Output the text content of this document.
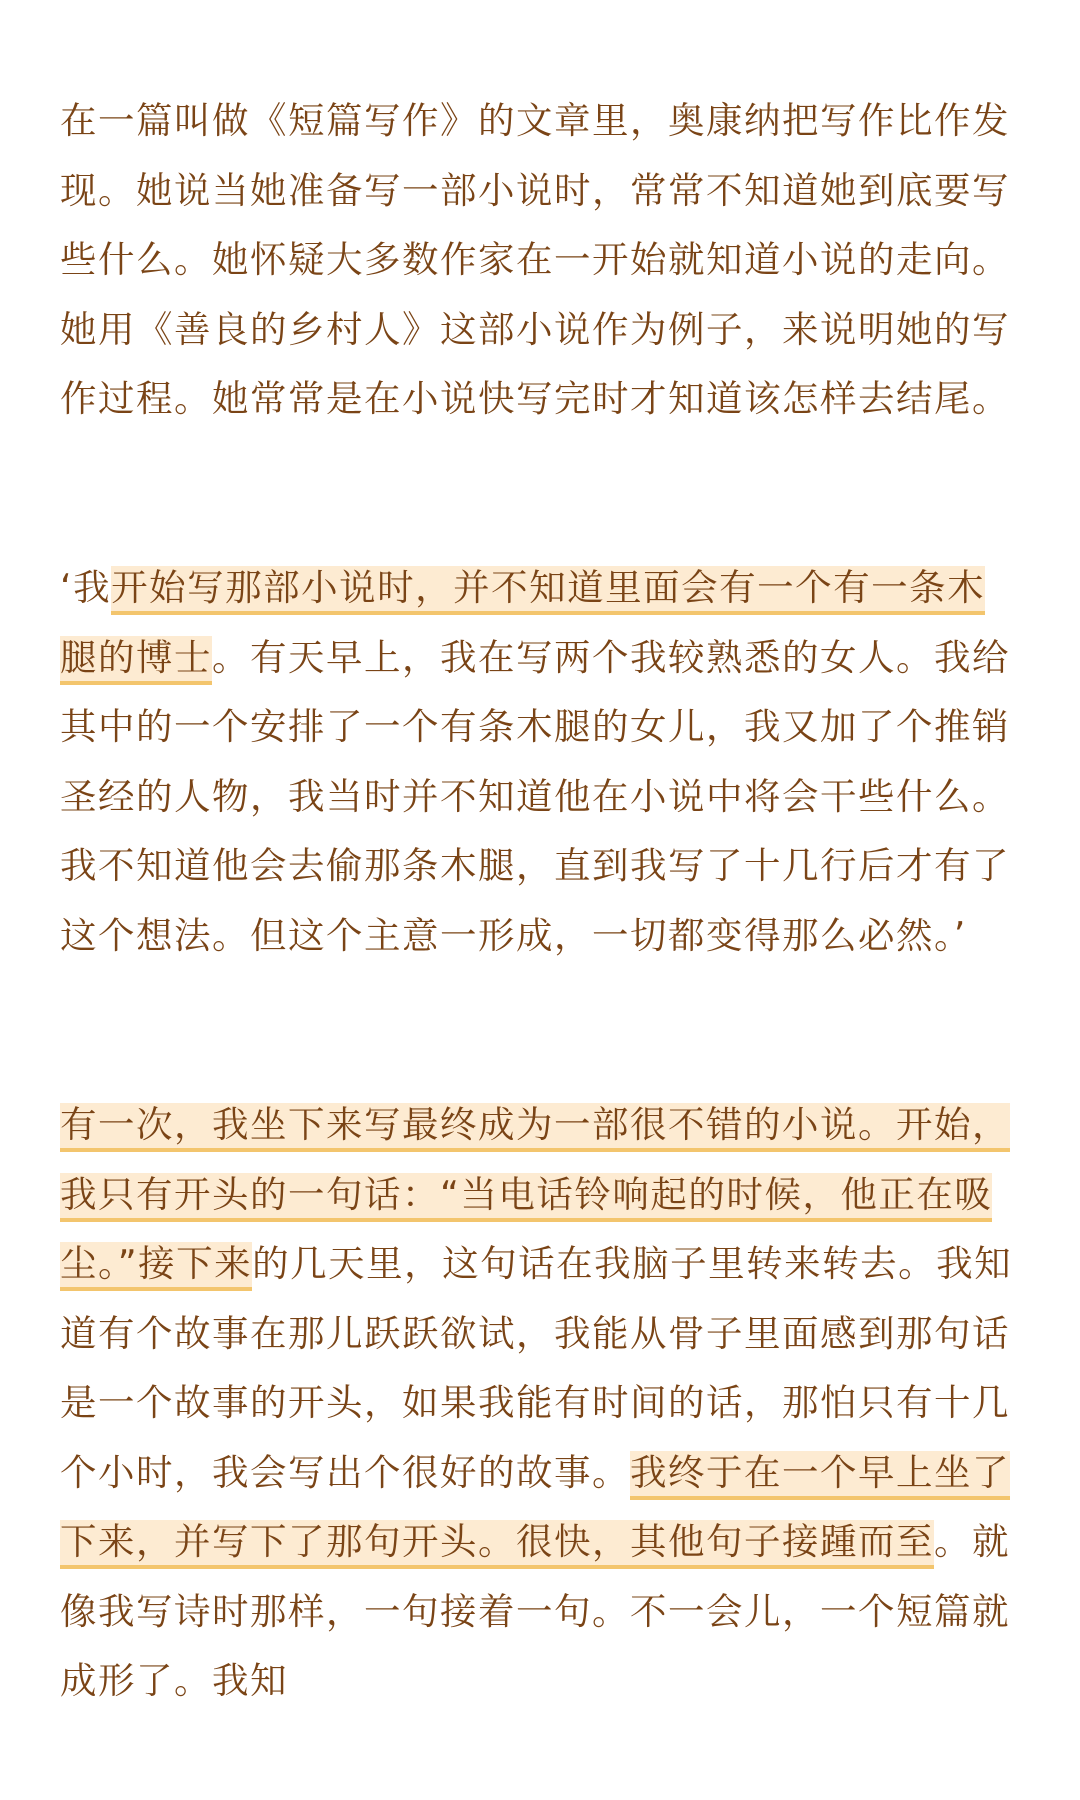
在一篇叫做《短篇写作》的文章里，奥康纳把写作比作发现。她说当她准备写一部小说时，常常不知道她到底要写些什么。她怀疑大多数作家在一开始就知道小说的走向。她用《善良的乡村人》这部小说作为例子，来说明她的写作过程。她常常是在小说快写完时才知道该怎样去结尾。
‘我开始写那部小说时，并不知道里面会有一个有一条木腿的博士。有天早上，我在写两个我较熟悉的女人。我给其中的一个安排了一个有条木腿的女儿，我又加了个推销圣经的人物，我当时并不知道他在小说中将会干些什么。我不知道他会去偷那条木腿，直到我写了十几行后才有了这个想法。但这个主意一形成，一切都变得那么必然。’
有一次，我坐下来写最终成为一部很不错的小说。开始，我只有开头的一句话：“当电话铃响起的时候，他正在吸尘。”接下来的几天里，这句话在我脑子里转来转去。我知道有个故事在那儿跃跃欲试，我能从骨子里面感到那句话是一个故事的开头，如果我能有时间的话，那怕只有十几个小时，我会写出个很好的故事。我终于在一个早上坐了下来，并写下了那句开头。很快，其他句子接踵而至。就像我写诗时那样，一句接着一句。不一会儿，一个短篇就成形了。我知
